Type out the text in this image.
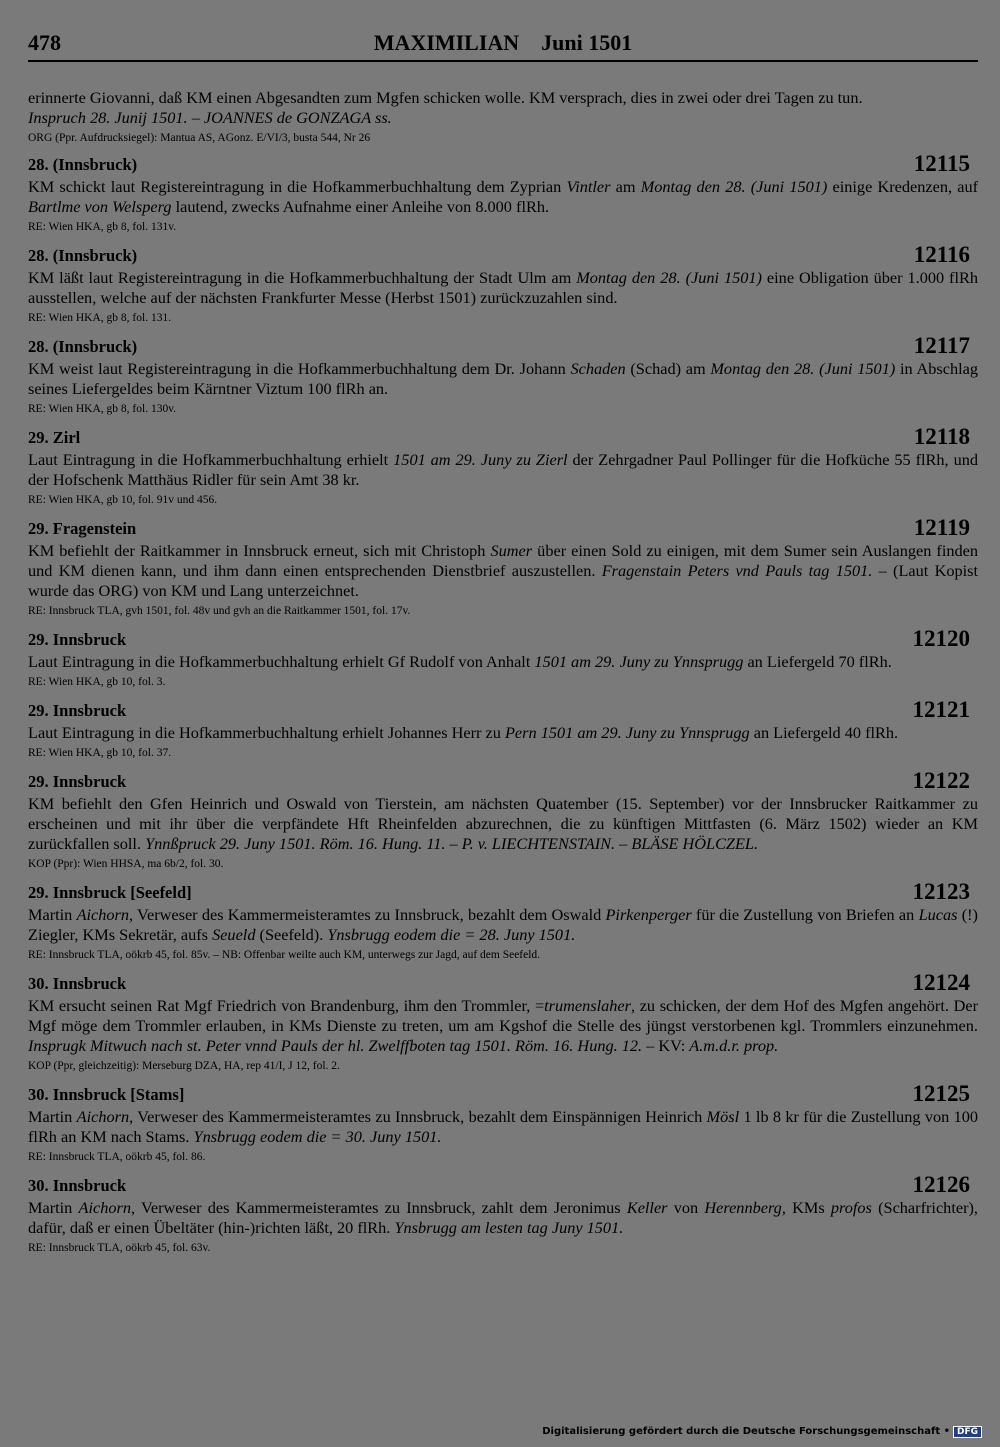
478	MAXIMILIAN Juni 1501

erinnerte Giovanni, daß KM einen Abgesandten zum Mgfen schicken wolle. KM versprach, dies in zwei oder drei Tagen zu tun.
Inspruch 28. Junij 1501. – JOANNES de GONZAGA ss.

ORG (Ppr. Aufdrucksiegel): Mantua AS, AGonz. E/VI/3, busta 544, Nr 26

28. (Innsbruck)	12115

KM schickt laut Registereintragung in die Hofkammerbuchhaltung dem Zyprian Vintler am Montag den 28. (Juni 1501) einige Kredenzen, auf Bartlme von Welsperg lautend, zwecks Aufnahme einer Anleihe von 8.000 flRh.

RE: Wien HKA, gb 8, fol. 131v.

28. (Innsbruck)	12116

KM läßt laut Registereintragung in die Hofkammerbuchhaltung der Stadt Ulm am Montag den 28. (Juni 1501) eine Obligation über 1.000 flRh ausstellen, welche auf der nächsten Frankfurter Messe (Herbst 1501) zurückzuzahlen sind.

RE: Wien HKA, gb 8, fol. 131.

28. (Innsbruck)	12117

KM weist laut Registereintragung in die Hofkammerbuchhaltung dem Dr. Johann Schaden (Schad) am Montag den 28. (Juni 1501) in Abschlag seines Liefergeldes beim Kärntner Viztum 100 flRh an.

RE: Wien HKA, gb 8, fol. 130v.

29. Zirl	12118

Laut Eintragung in die Hofkammerbuchhaltung erhielt 1501 am 29. Juny zu Zierl der Zehrgadner Paul Pollinger für die Hofküche 55 flRh, und der Hofschenk Matthäus Ridler für sein Amt 38 kr.

RE: Wien HKA, gb 10, fol. 91v und 456.

29. Fragenstein	12119

KM befiehlt der Raitkammer in Innsbruck erneut, sich mit Christoph Sumer über einen Sold zu einigen, mit dem Sumer sein Auslangen finden und KM dienen kann, und ihm dann einen entsprechenden Dienstbrief auszustellen. Fragenstain Peters vnd Pauls tag 1501. – (Laut Kopist wurde das ORG) von KM und Lang unterzeichnet.

RE: Innsbruck TLA, gvh 1501, fol. 48v und gvh an die Raitkammer 1501, fol. 17v.

29. Innsbruck	12120

Laut Eintragung in die Hofkammerbuchhaltung erhielt Gf Rudolf von Anhalt 1501 am 29. Juny zu Ynnsprugg an Liefergeld 70 flRh.

RE: Wien HKA, gb 10, fol. 3.

29. Innsbruck	12121

Laut Eintragung in die Hofkammerbuchhaltung erhielt Johannes Herr zu Pern 1501 am 29. Juny zu Ynnsprugg an Liefergeld 40 flRh.

RE: Wien HKA, gb 10, fol. 37.

29. Innsbruck	12122

KM befiehlt den Gfen Heinrich und Oswald von Tierstein, am nächsten Quatember (15. September) vor der Innsbrucker Raitkammer zu erscheinen und mit ihr über die verpfändete Hft Rheinfelden abzurechnen, die zu künftigen Mittfasten (6. März 1502) wieder an KM zurückfallen soll. Ynnßpruck 29. Juny 1501. Röm. 16. Hung. 11. – P. v. LIECHTENSTAIN. – BLÄSE HÖLCZEL.

KOP (Ppr): Wien HHSA, ma 6b/2, fol. 30.

29. Innsbruck [Seefeld]	12123

Martin Aichorn, Verweser des Kammermeisteramtes zu Innsbruck, bezahlt dem Oswald Pirkenperger für die Zustellung von Briefen an Lucas (!) Ziegler, KMs Sekretär, aufs Seueld (Seefeld). Ynsbrugg eodem die = 28. Juny 1501.

RE: Innsbruck TLA, oökrb 45, fol. 85v. – NB: Offenbar weilte auch KM, unterwegs zur Jagd, auf dem Seefeld.

30. Innsbruck	12124

KM ersucht seinen Rat Mgf Friedrich von Brandenburg, ihm den Trommler, =trumenslaher, zu schicken, der dem Hof des Mgfen angehört. Der Mgf möge dem Trommler erlauben, in KMs Dienste zu treten, um am Kgshof die Stelle des jüngst verstorbenen kgl. Trommlers einzunehmen. Insprugk Mitwuch nach st. Peter vnnd Pauls der hl. Zwelffboten tag 1501. Röm. 16. Hung. 12. – KV: A.m.d.r. prop.

KOP (Ppr, gleichzeitig): Merseburg DZA, HA, rep 41/I, J 12, fol. 2.

30. Innsbruck [Stams]	12125

Martin Aichorn, Verweser des Kammermeisteramtes zu Innsbruck, bezahlt dem Einspännigen Heinrich Mösl 1 lb 8 kr für die Zustellung von 100 flRh an KM nach Stams. Ynsbrugg eodem die = 30. Juny 1501.

RE: Innsbruck TLA, oökrb 45, fol. 86.

30. Innsbruck	12126

Martin Aichorn, Verweser des Kammermeisteramtes zu Innsbruck, zahlt dem Jeronimus Keller von Herennberg, KMs profos (Scharfrichter), dafür, daß er einen Übeltäter (hin-)richten läßt, 20 flRh. Ynsbrugg am lesten tag Juny 1501.

RE: Innsbruck TLA, oökrb 45, fol. 63v.

Digitalisierung gefördert durch die Deutsche Forschungsgemeinschaft • DFG
